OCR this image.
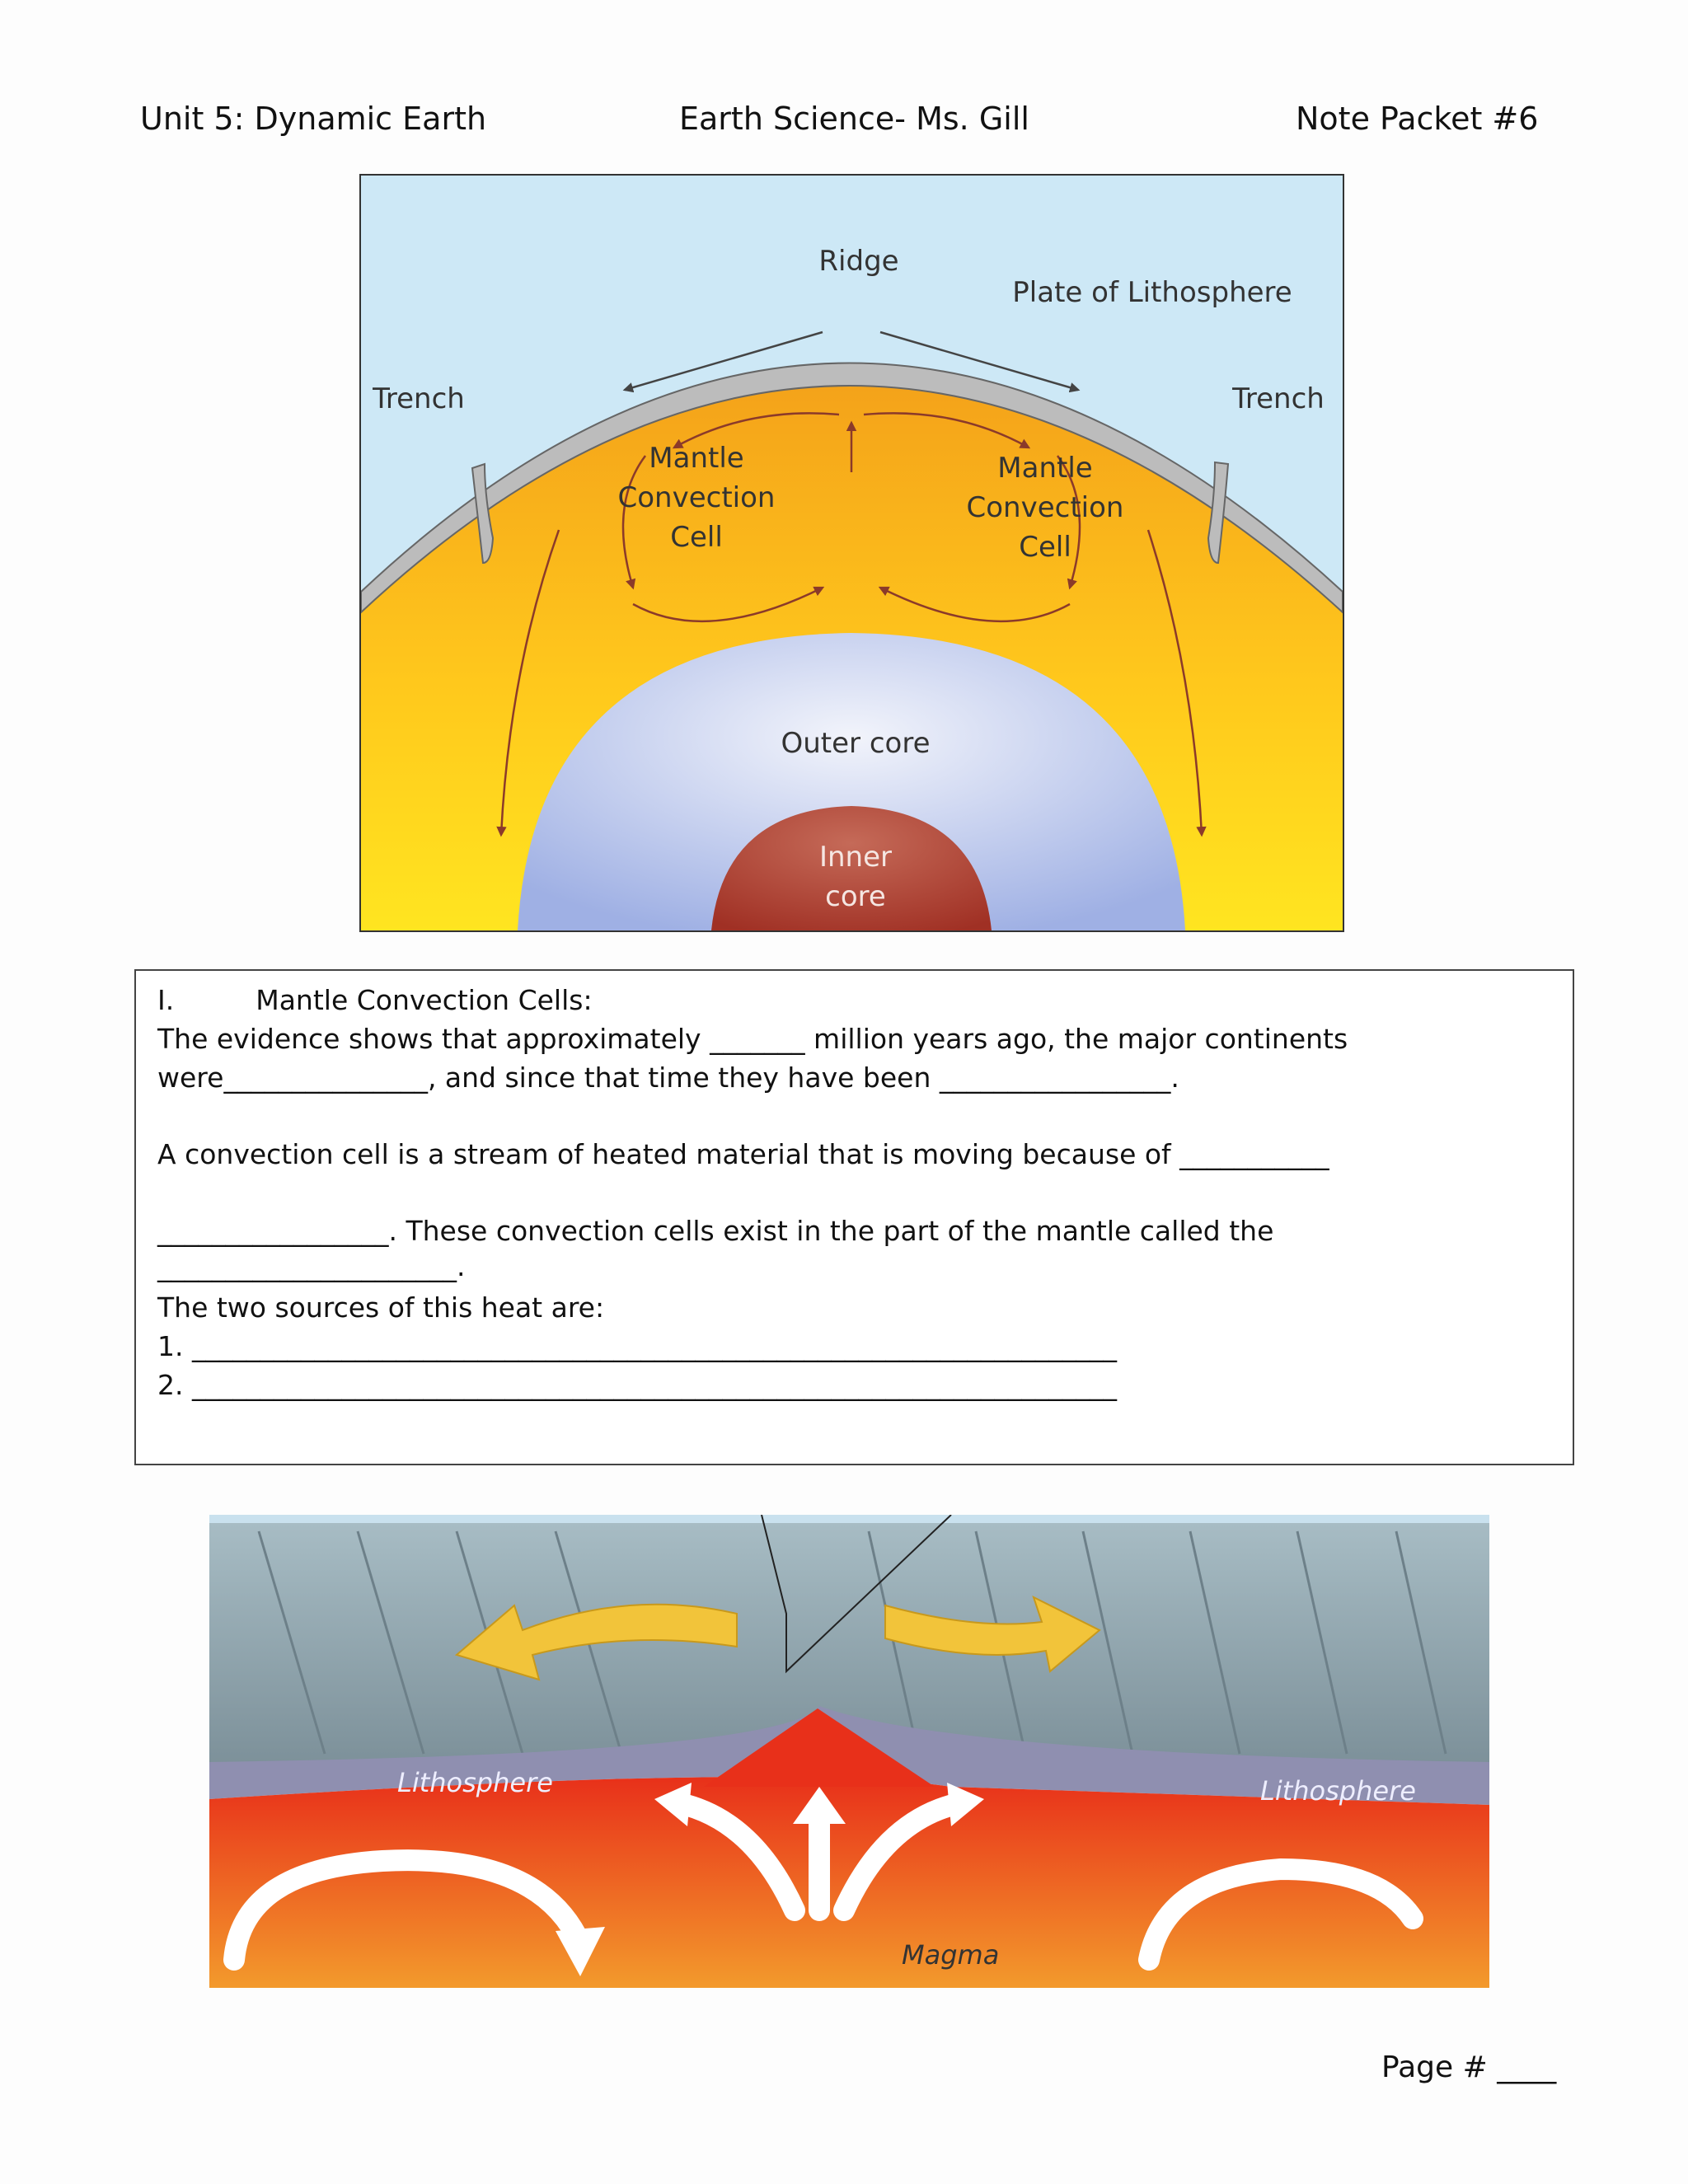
Unit 5: Dynamic Earth	Earth Science- Ms. Gill	Note Packet #6
Ridge
Plate of Lithosphere
Trench	Trench
Mantle
Convection
Cell
Mantle
Convection
Cell
Outer core
Inner
core
I.	Mantle Convection Cells:
The evidence shows that approximately _______ million years ago, the major continents
were_______________, and since that time they have been _________________.
A convection cell is a stream of heated material that is moving because of ___________
_________________. These convection cells exist in the part of the mantle called the
______________________.
The two sources of this heat are:
1. ____________________________________________________________________
2. ____________________________________________________________________
Lithosphere	Lithosphere
Magma
Page # ____
